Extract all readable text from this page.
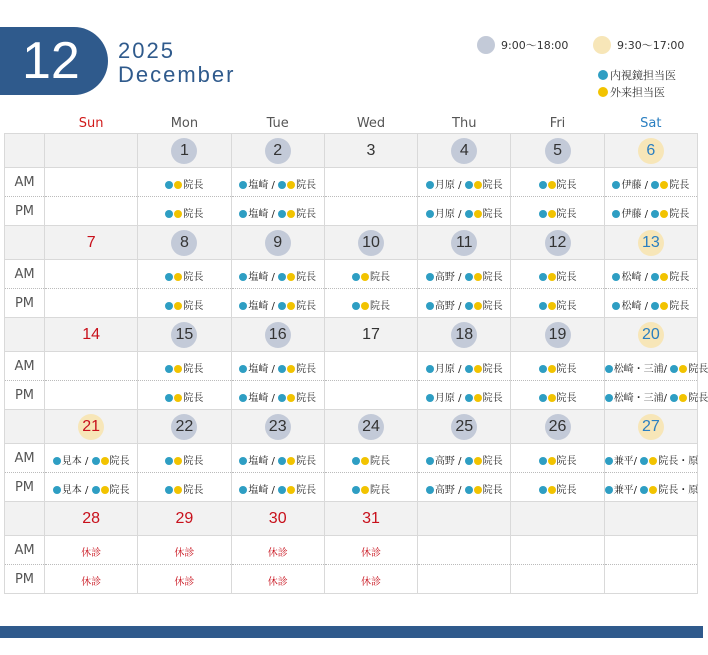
12	2025
December
9:00～18:00	9:30～17:00
内視鏡担当医
外来担当医
	Sun	Mon	Tue	Wed	Thu	Fri	Sat
		1	2	3	4	5	6
AM		院長	塩崎 / 院長		月原 / 院長	院長	伊藤 / 院長
PM		院長	塩崎 / 院長		月原 / 院長	院長	伊藤 / 院長
	7	8	9	10	11	12	13
AM		院長	塩崎 / 院長	院長	高野 / 院長	院長	松崎 / 院長
PM		院長	塩崎 / 院長	院長	高野 / 院長	院長	松崎 / 院長
	14	15	16	17	18	19	20
AM		院長	塩崎 / 院長		月原 / 院長	院長	松崎・三浦/ 院長
PM		院長	塩崎 / 院長		月原 / 院長	院長	松崎・三浦/ 院長
	21	22	23	24	25	26	27
AM	見本 / 院長	院長	塩崎 / 院長	院長	高野 / 院長	院長	兼平/ 院長・原
PM	見本 / 院長	院長	塩崎 / 院長	院長	高野 / 院長	院長	兼平/ 院長・原
	28	29	30	31			
AM	休診	休診	休診	休診			
PM	休診	休診	休診	休診			
